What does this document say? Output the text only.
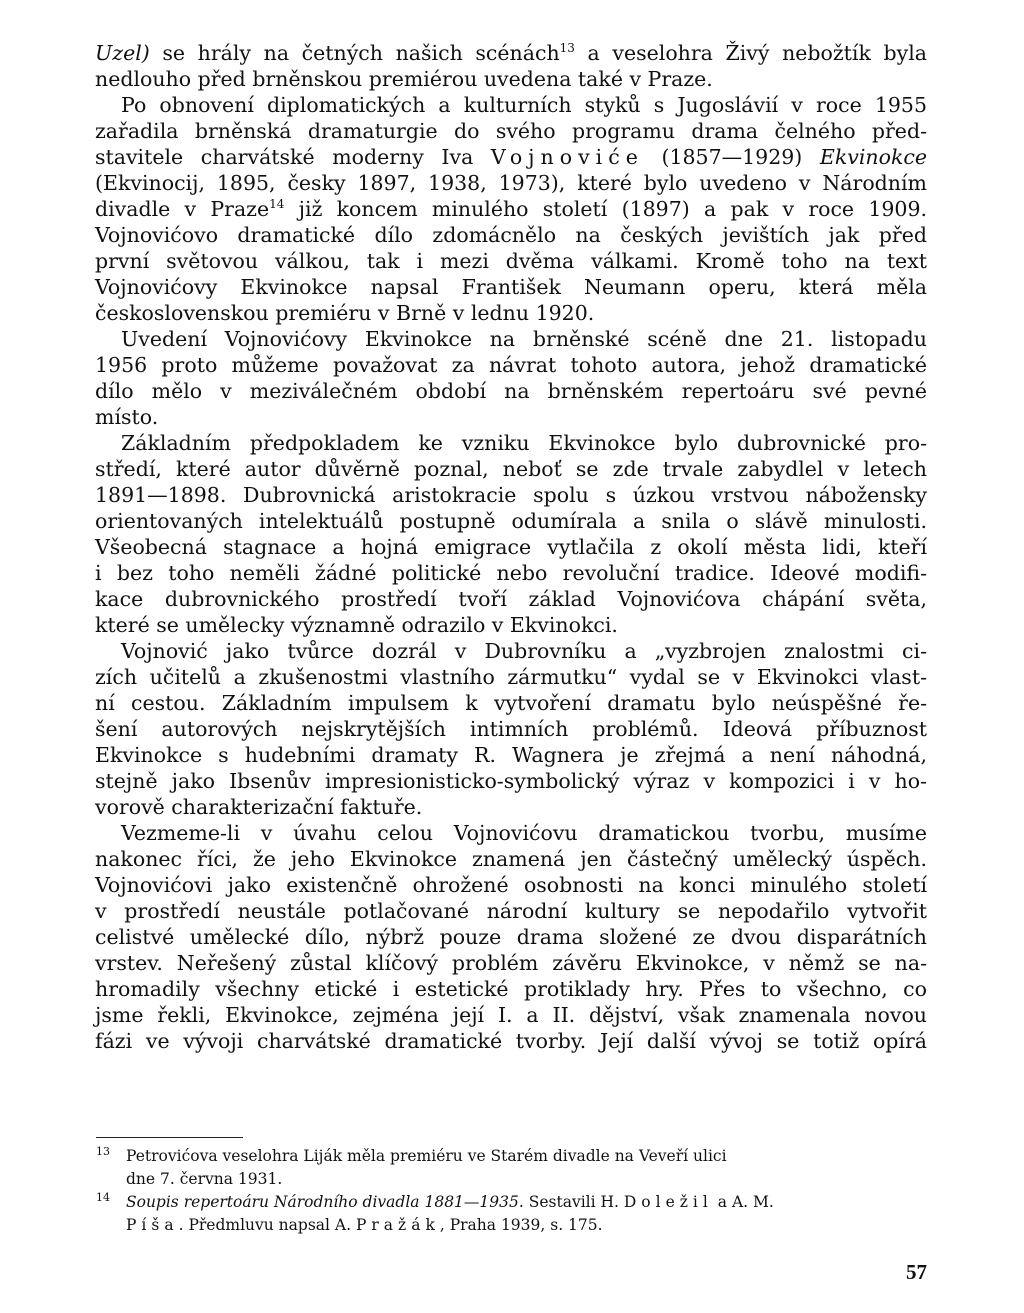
Uzel) se hrály na četných našich scénách$^{13}$ a veselohra Živý nebožtík byla
nedlouho před brněnskou premiérou uvedena také v Praze.
Po obnovení diplomatických a kulturních styků s Jugoslávií v roce 1955
zařadila brněnská dramaturgie do svého programu drama čelného před-
stavitele charvátské moderny Iva Vojnoviće (1857—1929) Ekvinokce
(Ekvinocij, 1895, česky 1897, 1938, 1973), které bylo uvedeno v Národním
divadle v Praze$^{14}$ již koncem minulého století (1897) a pak v roce 1909.
Vojnovićovo dramatické dílo zdomácnělo na českých jevištích jak před
první světovou válkou, tak i mezi dvěma válkami. Kromě toho na text
Vojnovićovy Ekvinokce napsal František Neumann operu, která měla
československou premiéru v Brně v lednu 1920.
Uvedení Vojnovićovy Ekvinokce na brněnské scéně dne 21. listopadu
1956 proto můžeme považovat za návrat tohoto autora, jehož dramatické
dílo mělo v meziválečném období na brněnském repertoáru své pevné
místo.
Základním předpokladem ke vzniku Ekvinokce bylo dubrovnické pro-
středí, které autor důvěrně poznal, neboť se zde trvale zabydlel v letech
1891—1898. Dubrovnická aristokracie spolu s úzkou vrstvou nábožensky
orientovaných intelektuálů postupně odumírala a snila o slávě minulosti.
Všeobecná stagnace a hojná emigrace vytlačila z okolí města lidi, kteří
i bez toho neměli žádné politické nebo revoluční tradice. Ideové modifi-
kace dubrovnického prostředí tvoří základ Vojnovićova chápání světa,
které se umělecky významně odrazilo v Ekvinokci.
Vojnović jako tvůrce dozrál v Dubrovníku a „vyzbrojen znalostmi ci-
zích učitelů a zkušenostmi vlastního zármutku“ vydal se v Ekvinokci vlast-
ní cestou. Základním impulsem k vytvoření dramatu bylo neúspěšné ře-
šení autorových nejskrytějších intimních problémů. Ideová příbuznost
Ekvinokce s hudebními dramaty R. Wagnera je zřejmá a není náhodná,
stejně jako Ibsenův impresionisticko-symbolický výraz v kompozici i v ho-
vorově charakterizační faktuře.
Vezmeme-li v úvahu celou Vojnovićovu dramatickou tvorbu, musíme
nakonec říci, že jeho Ekvinokce znamená jen částečný umělecký úspěch.
Vojnovićovi jako existenčně ohrožené osobnosti na konci minulého století
v prostředí neustále potlačované národní kultury se nepodařilo vytvořit
celistvé umělecké dílo, nýbrž pouze drama složené ze dvou disparátních
vrstev. Neřešený zůstal klíčový problém závěru Ekvinokce, v němž se na-
hromadily všechny etické i estetické protiklady hry. Přes to všechno, co
jsme řekli, Ekvinokce, zejména její I. a II. dějství, však znamenala novou
fázi ve vývoji charvátské dramatické tvorby. Její další vývoj se totiž opírá
13 Petrovićova veselohra Liják měla premiéru ve Starém divadle na Veveří ulici
dne 7. června 1931.
14 Soupis repertoáru Národního divadla 1881—1935. Sestavili H. Doležil a A. M.
Píša. Předmluvu napsal A. Pražák, Praha 1939, s. 175.
57
